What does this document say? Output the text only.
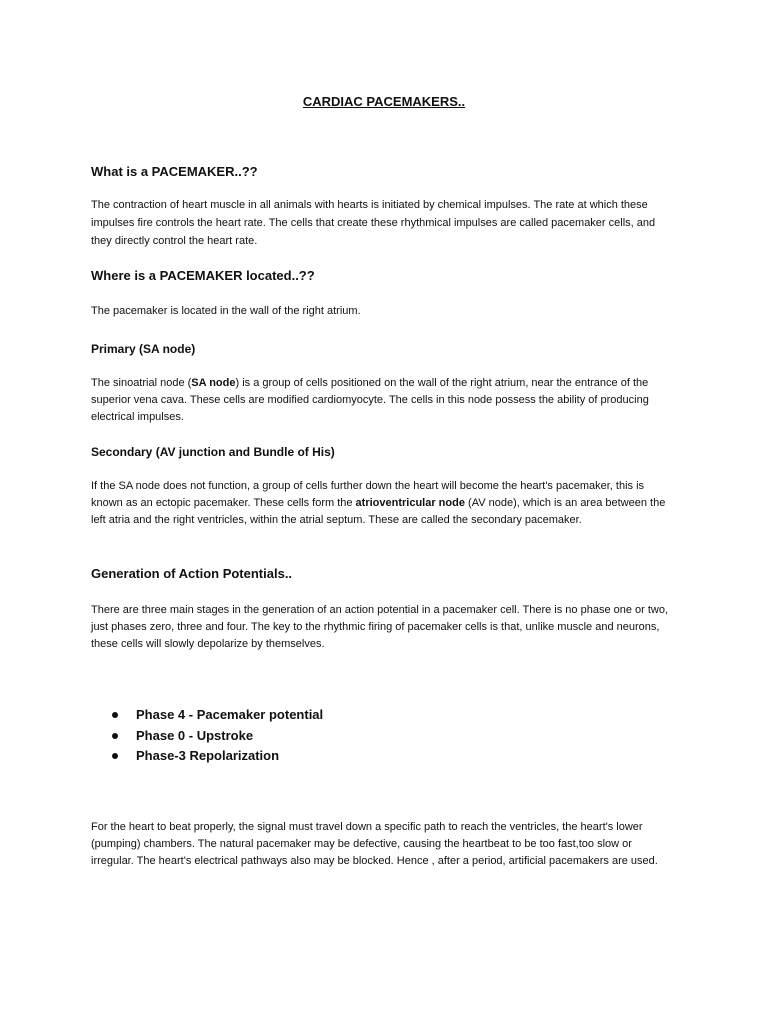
CARDIAC PACEMAKERS..
What is a PACEMAKER..??
The contraction of heart muscle in all animals with hearts is initiated by chemical impulses. The rate at which these impulses fire controls the heart rate. The cells that create these rhythmical impulses are called pacemaker cells, and they directly control the heart rate.
Where is a PACEMAKER located..??
The pacemaker is located in the wall of the right atrium.
Primary (SA node)
The sinoatrial node (SA node) is a group of cells positioned on the wall of the right atrium, near the entrance of the superior vena cava. These cells are modified cardiomyocyte. The cells in this node possess the ability of producing electrical impulses.
Secondary (AV junction and Bundle of His)
If the SA node does not function, a group of cells further down the heart will become the heart's pacemaker, this is known as an ectopic pacemaker. These cells form the atrioventricular node (AV node), which is an area between the left atria and the right ventricles, within the atrial septum. These are called the secondary pacemaker.
Generation of Action Potentials..
There are three main stages in the generation of an action potential in a pacemaker cell. There is no phase one or two, just phases zero, three and four. The key to the rhythmic firing of pacemaker cells is that, unlike muscle and neurons, these cells will slowly depolarize by themselves.
Phase 4 - Pacemaker potential
Phase 0 - Upstroke
Phase-3 Repolarization
For the heart to beat properly, the signal must travel down a specific path to reach the ventricles, the heart's lower (pumping) chambers. The natural pacemaker may be defective, causing the heartbeat to be too fast,too slow or irregular. The heart's electrical pathways also may be blocked. Hence , after a period, artificial pacemakers are used.
